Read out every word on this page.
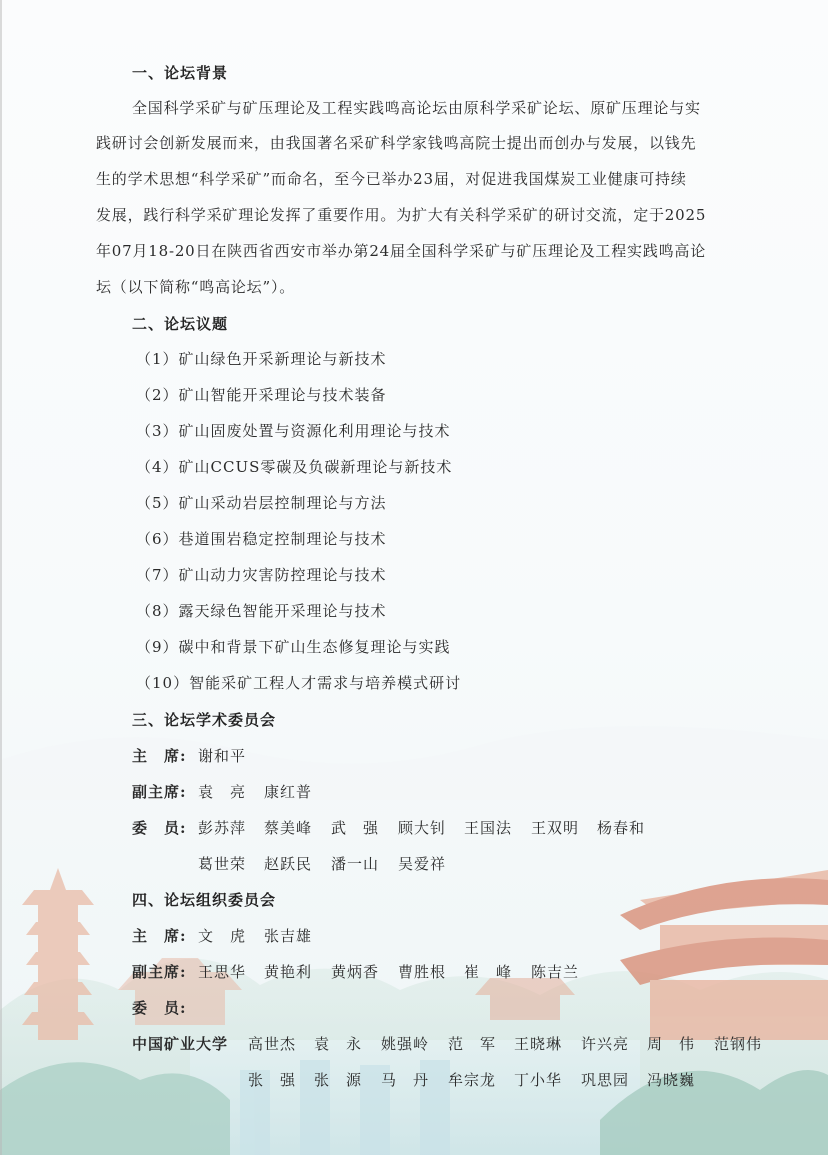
一、论坛背景
全国科学采矿与矿压理论及工程实践鸣高论坛由原科学采矿论坛、原矿压理论与实
践研讨会创新发展而来，由我国著名采矿科学家钱鸣高院士提出而创办与发展，以钱先
生的学术思想“科学采矿”而命名，至今已举办23届，对促进我国煤炭工业健康可持续
发展，践行科学采矿理论发挥了重要作用。为扩大有关科学采矿的研讨交流，定于2025
年07月18-20日在陕西省西安市举办第24届全国科学采矿与矿压理论及工程实践鸣高论
坛（以下简称“鸣高论坛”）。
二、论坛议题
（1）矿山绿色开采新理论与新技术
（2）矿山智能开采理论与技术装备
（3）矿山固废处置与资源化利用理论与技术
（4）矿山CCUS零碳及负碳新理论与新技术
（5）矿山采动岩层控制理论与方法
（6）巷道围岩稳定控制理论与技术
（7）矿山动力灾害防控理论与技术
（8）露天绿色智能开采理论与技术
（9）碳中和背景下矿山生态修复理论与实践
（10）智能采矿工程人才需求与培养模式研讨
三、论坛学术委员会
主　席: 谢和平
副主席: 袁　亮 康红普
委　员: 彭苏萍 蔡美峰 武　强 顾大钊 王国法 王双明 杨春和
葛世荣 赵跃民 潘一山 吴爱祥
四、论坛组织委员会
主　席: 文　虎 张吉雄
副主席: 王思华 黄艳利 黄炳香 曹胜根 崔　峰 陈吉兰
委　员:
中国矿业大学 高世杰 袁　永 姚强岭 范　军 王晓琳 许兴亮 周　伟 范钢伟
张　强 张　源 马　丹 牟宗龙 丁小华 巩思园 冯晓巍
